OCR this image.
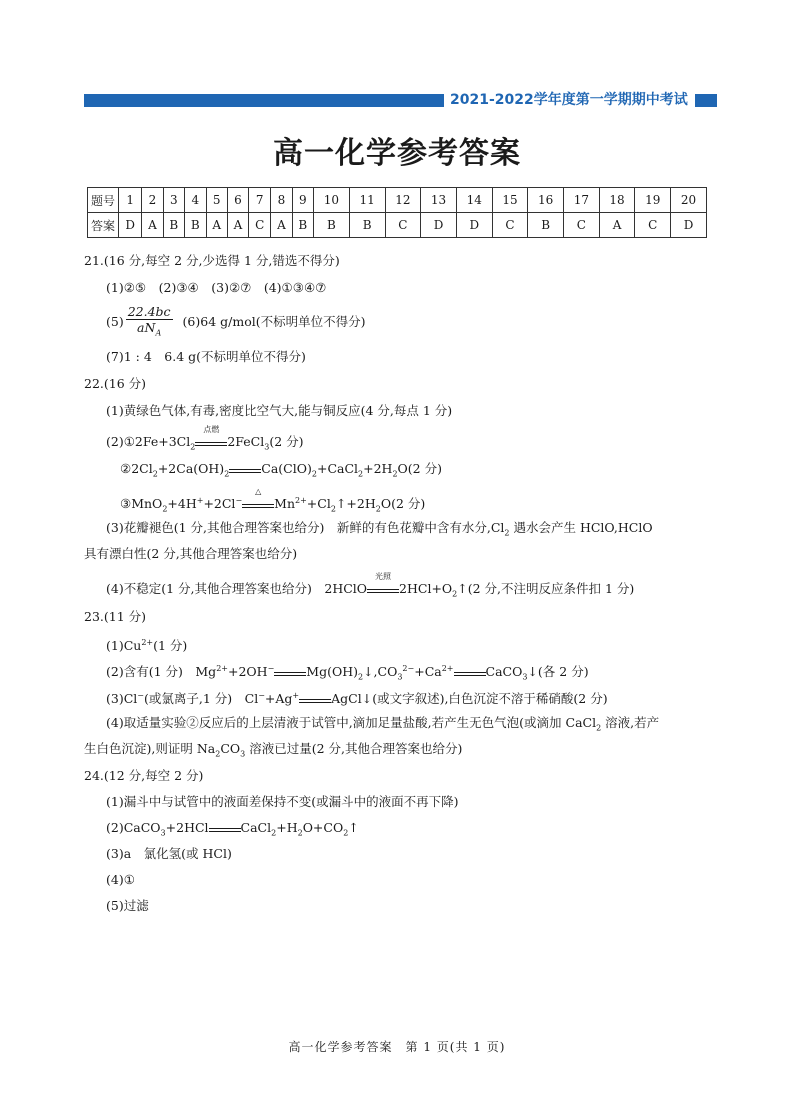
2021-2022学年度第一学期期中考试
高一化学参考答案
题号	1	2	3	4	5	6	7	8	9	10	11	12	13	14	15	16	17	18	19	20
答案	D	A	B	B	A	A	C	A	B	B	B	C	D	D	C	B	C	A	C	D
21.(16 分,每空 2 分,少选得 1 分,错选不得分)
(1)②⑤　(2)③④　(3)②⑦　(4)①③④⑦
$(5) \frac{22.4bc}{aN_A} (6)64$ g/mol(不标明单位不得分)
(7)1 : 4　6.4 g(不标明单位不得分)
22.(16 分)
(1)黄绿色气体,有毒,密度比空气大,能与铜反应(4 分,每点 1 分)
$(2)①2Fe+3Cl_2$
点燃
2FeCl$_3$(2 分)
$②2Cl_2+2Ca(OH)_2$	$Ca(ClO)_2+CaCl_2+2H_2O(2$ 分)
③MnO$_2$+4H++2Cl−
△
$Mn^{2+}+Cl_2↑+2H_2O(2$ 分)
(3)花瓣褪色(1 分,其他合理答案也给分)　新鲜的有色花瓣中含有水分$,Cl_2$ 遇水会产生 HClO,HClO
具有漂白性(2 分,其他合理答案也给分)
(4)不稳定(1 分,其他合理答案也给分)　2HClO
光照
$2HCl+O_2↑(2$ 分,不注明反应条件扣 1 分)
23.(11 分)
$(1)Cu^{2+}(1$ 分)
(2)含有(1 分)　$Mg^{2+}+2OH^-$	$Mg(OH)_2↓,CO_3^{2-}+Ca^{2+}$	CaCO$_3$↓(各 2 分)
(3)Cl−(或氯离子,1 分)　Cl−+Ag+	AgCl↓(或文字叙述),白色沉淀不溶于稀硝酸(2 分)
(4)取适量实验②反应后的上层清液于试管中,滴加足量盐酸,若产生无色气泡(或滴加 CaCl$_2$ 溶液,若产
生白色沉淀),则证明 $Na_2CO_3$ 溶液已过量(2 分,其他合理答案也给分)
24.(12 分,每空 2 分)
(1)漏斗中与试管中的液面差保持不变(或漏斗中的液面不再下降)
(2)CaCO$_3$+2HCl	$CaCl_2+H_2O+CO_2↑$
(3)a　氯化氢(或 HCl)
(4)①
(5)过滤
高一化学参考答案　第 1 页(共 1 页)
